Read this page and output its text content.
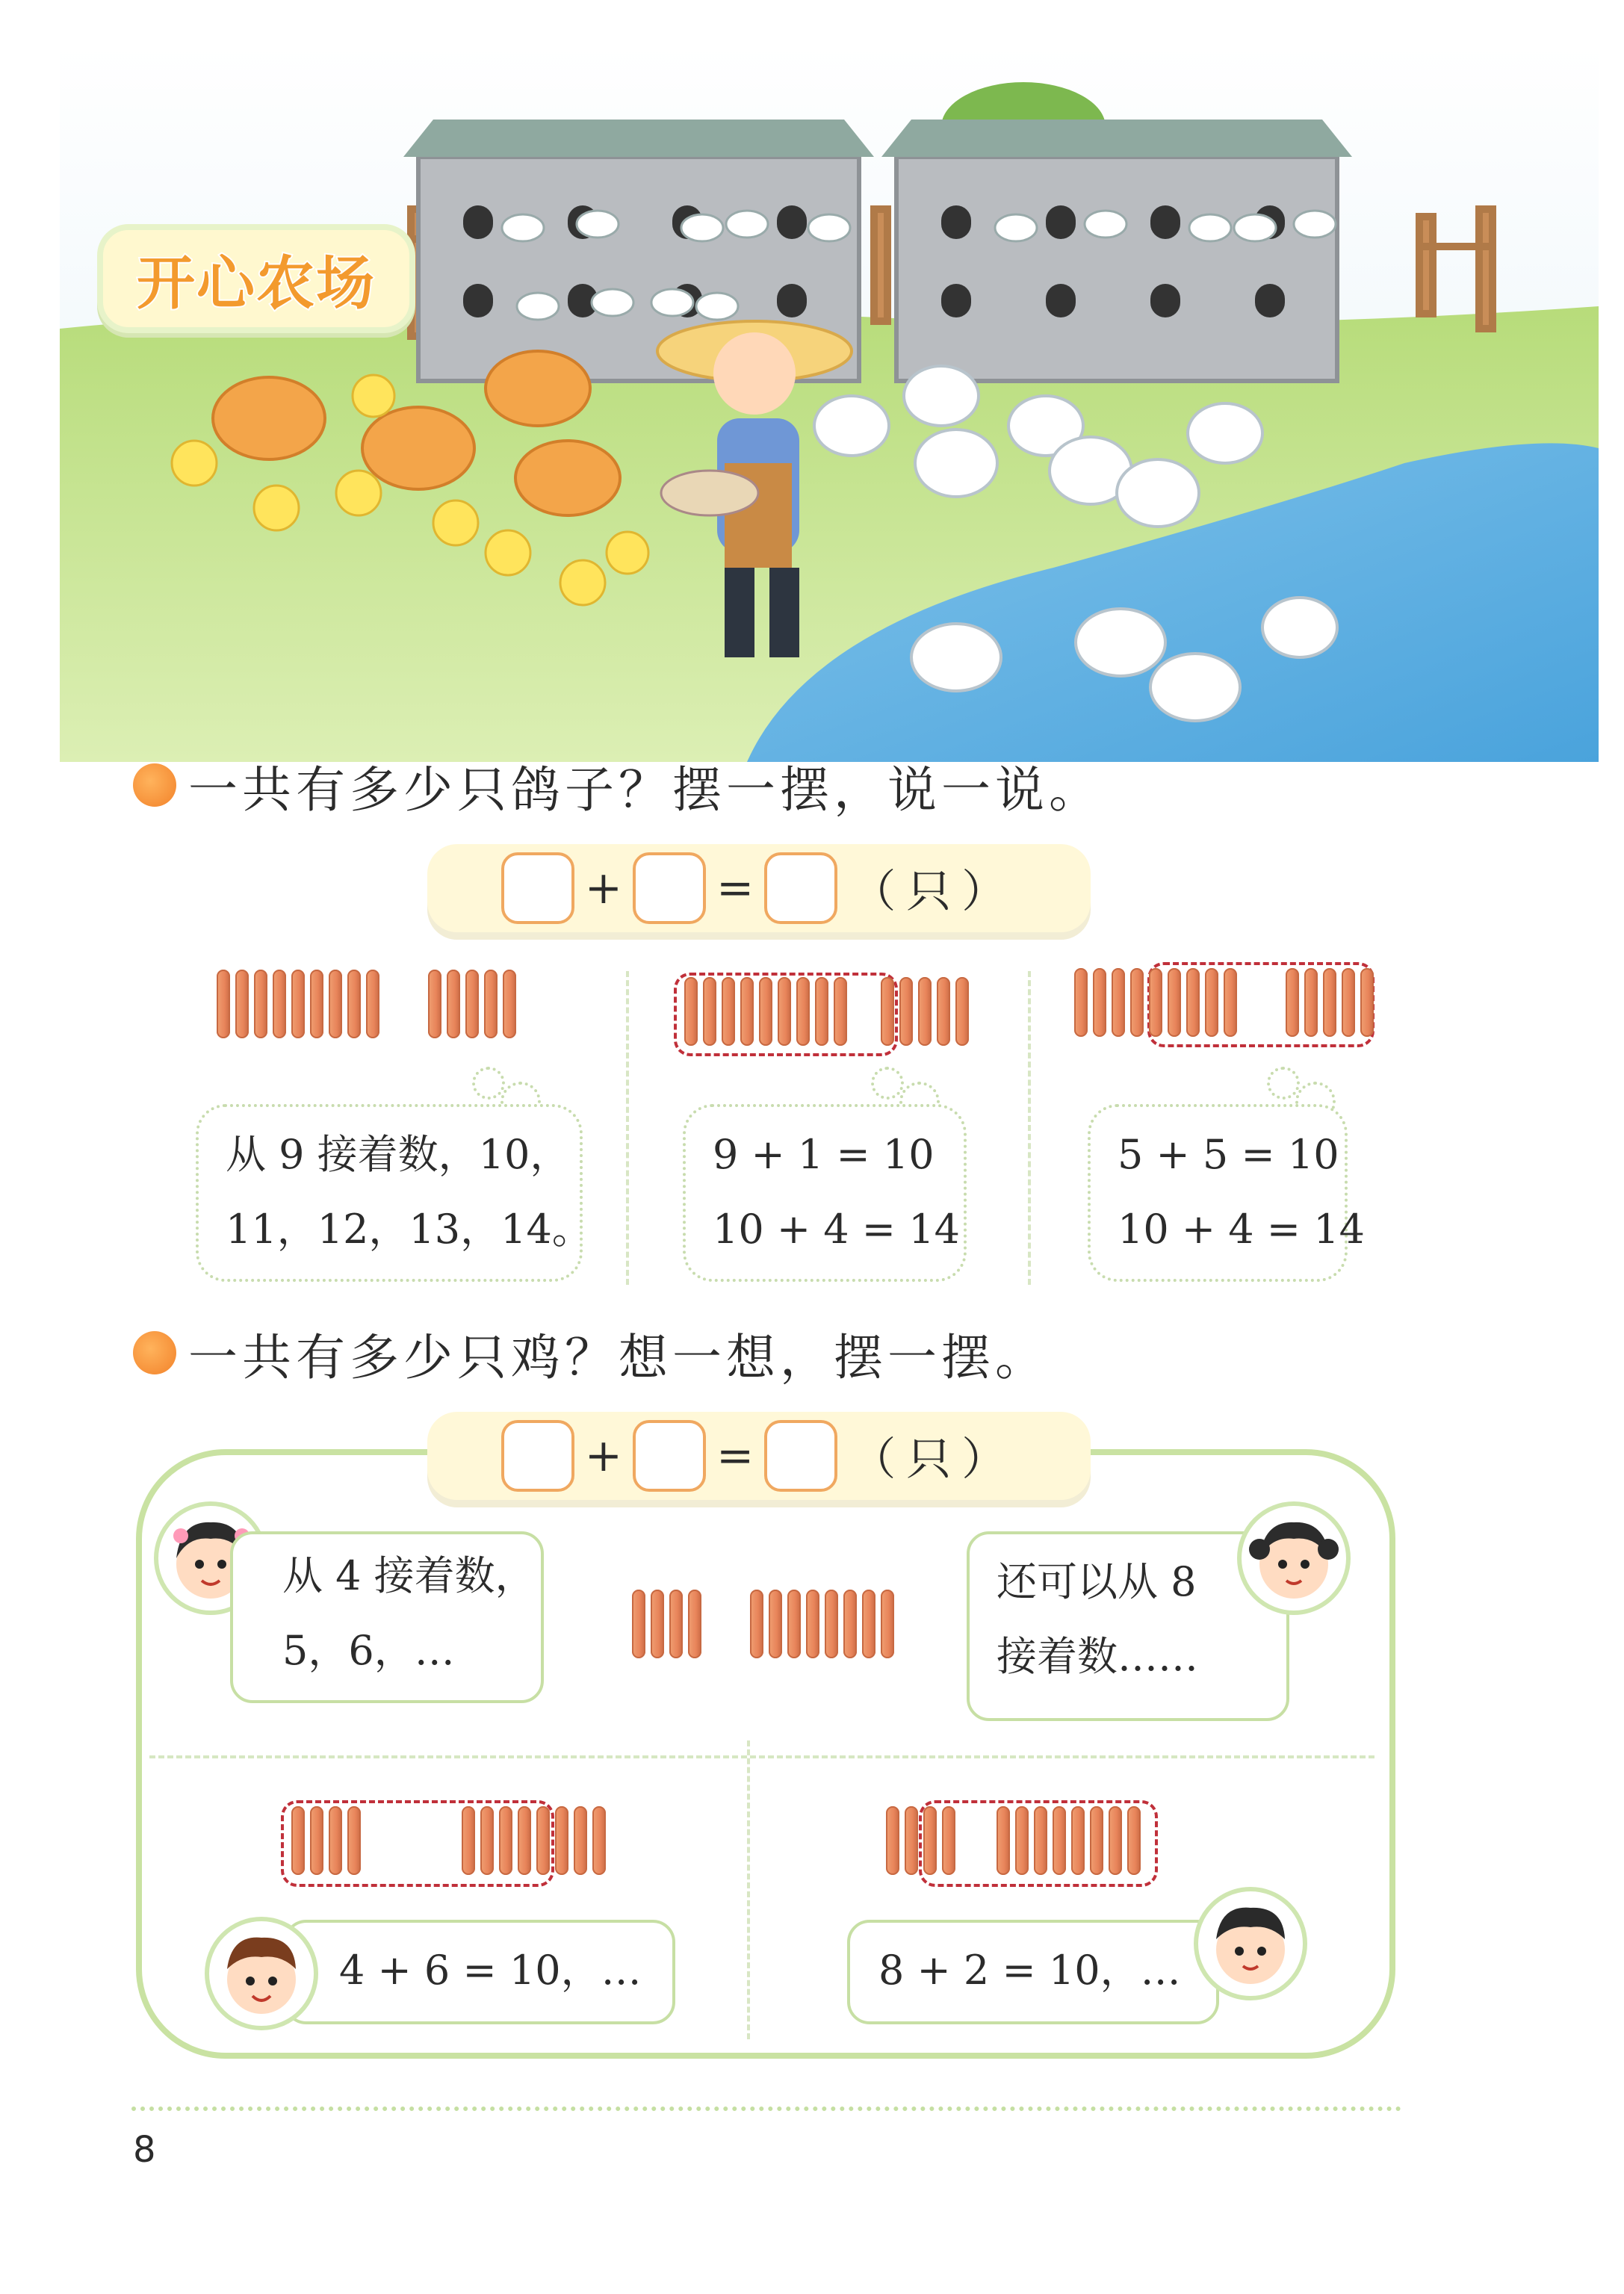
开心农场
一共有多少只鸽子？摆一摆，说一说。
+ = （只）
从 9 接着数，10，
11，12，13，14。
9 + 1 = 10
10 + 4 = 14
5 + 5 = 10
10 + 4 = 14
一共有多少只鸡？想一想，摆一摆。
+ = （只）
从 4 接着数，
5，6，…
还可以从 8
接着数……
4 + 6 = 10，…	8 + 2 = 10，…
8
